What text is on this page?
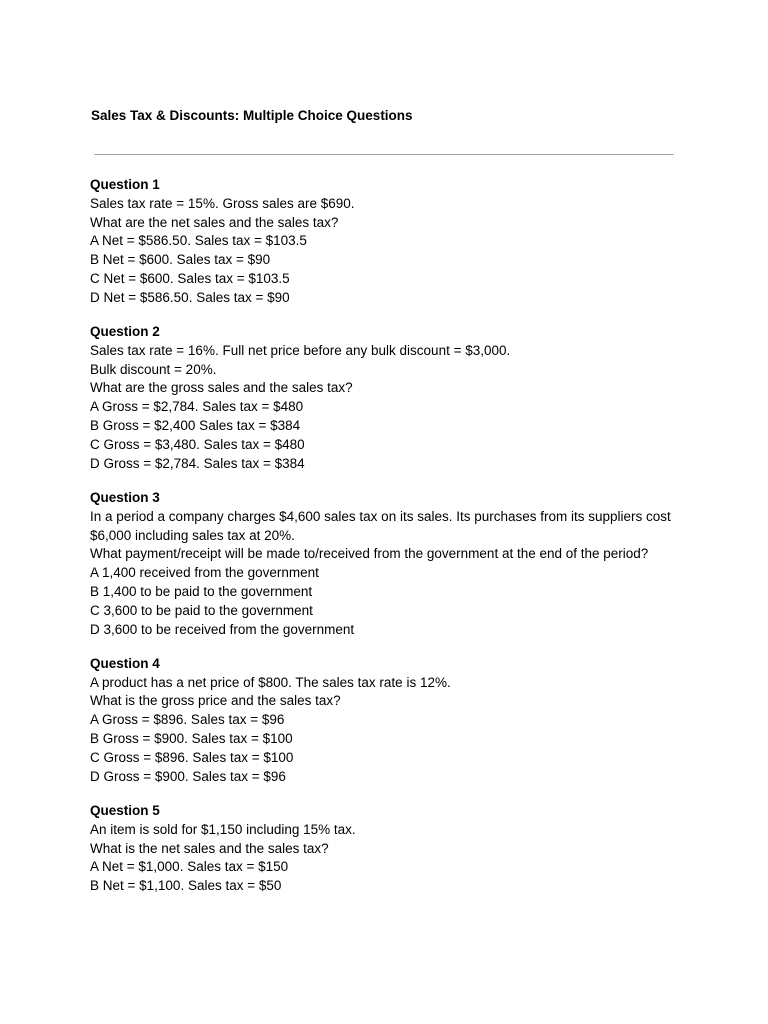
Sales Tax & Discounts: Multiple Choice Questions
Question 1
Sales tax rate = 15%. Gross sales are $690.
What are the net sales and the sales tax?
A Net = $586.50. Sales tax = $103.5
B Net = $600. Sales tax = $90
C Net = $600. Sales tax = $103.5
D Net = $586.50. Sales tax = $90
Question 2
Sales tax rate = 16%. Full net price before any bulk discount = $3,000.
Bulk discount = 20%.
What are the gross sales and the sales tax?
A Gross = $2,784. Sales tax = $480
B Gross = $2,400 Sales tax = $384
C Gross = $3,480. Sales tax = $480
D Gross = $2,784. Sales tax = $384
Question 3
In a period a company charges $4,600 sales tax on its sales. Its purchases from its suppliers cost $6,000 including sales tax at 20%.
What payment/receipt will be made to/received from the government at the end of the period?
A 1,400 received from the government
B 1,400 to be paid to the government
C 3,600 to be paid to the government
D 3,600 to be received from the government
Question 4
A product has a net price of $800. The sales tax rate is 12%.
What is the gross price and the sales tax?
A Gross = $896. Sales tax = $96
B Gross = $900. Sales tax = $100
C Gross = $896. Sales tax = $100
D Gross = $900. Sales tax = $96
Question 5
An item is sold for $1,150 including 15% tax.
What is the net sales and the sales tax?
A Net = $1,000. Sales tax = $150
B Net = $1,100. Sales tax = $50
